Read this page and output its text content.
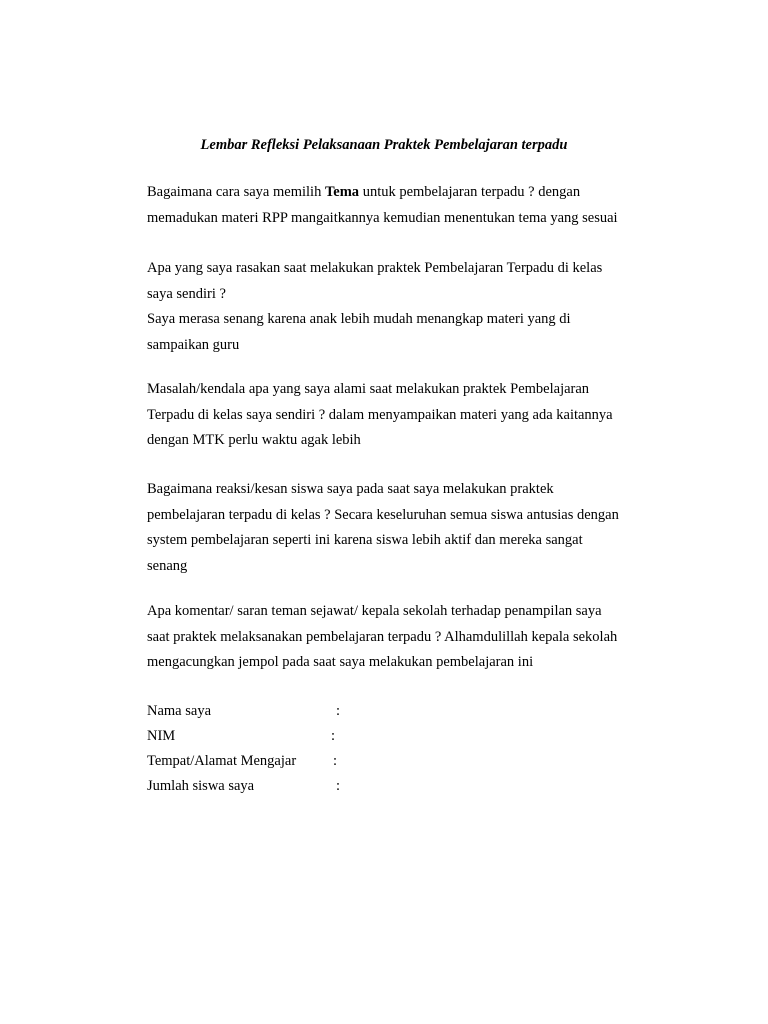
Lembar Refleksi Pelaksanaan Praktek Pembelajaran terpadu
Bagaimana cara saya memilih Tema untuk pembelajaran terpadu ? dengan
memadukan materi RPP mangaitkannya kemudian menentukan tema yang sesuai
Apa yang saya rasakan saat melakukan praktek Pembelajaran Terpadu di kelas
saya sendiri ?
Saya merasa senang karena anak lebih mudah menangkap materi yang di
sampaikan guru
Masalah/kendala apa yang saya alami saat melakukan praktek Pembelajaran
Terpadu di kelas saya sendiri ? dalam menyampaikan materi yang ada kaitannya
dengan MTK perlu waktu agak lebih
Bagaimana reaksi/kesan siswa saya pada saat saya melakukan praktek
pembelajaran terpadu di kelas ? Secara keseluruhan semua siswa antusias dengan
system pembelajaran seperti ini karena siswa lebih aktif dan mereka sangat
senang
Apa komentar/ saran teman sejawat/ kepala sekolah terhadap penampilan saya
saat praktek melaksanakan pembelajaran terpadu ? Alhamdulillah kepala sekolah
mengacungkan jempol pada saat saya melakukan pembelajaran ini
Nama saya	:
NIM	:
Tempat/Alamat Mengajar	:
Jumlah siswa saya	:
